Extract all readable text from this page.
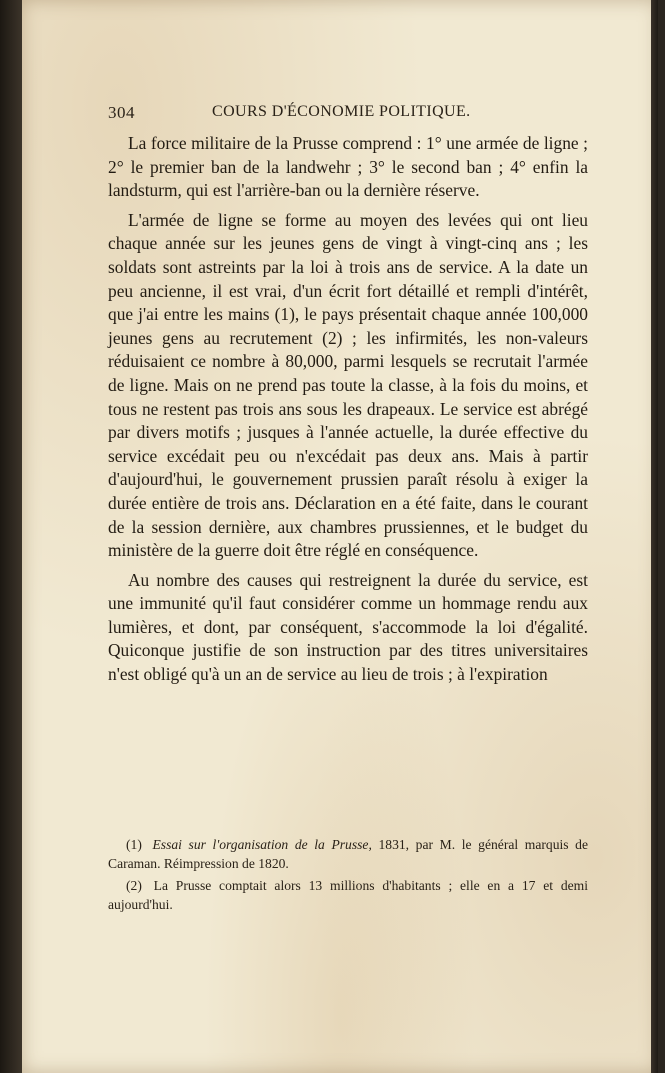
304	COURS D'ÉCONOMIE POLITIQUE.

La force militaire de la Prusse comprend : 1° une armée de ligne ; 2° le premier ban de la landwehr ; 3° le second ban ; 4° enfin la landsturm, qui est l'arrière-ban ou la dernière réserve.

L'armée de ligne se forme au moyen des levées qui ont lieu chaque année sur les jeunes gens de vingt à vingt-cinq ans ; les soldats sont astreints par la loi à trois ans de service. A la date un peu ancienne, il est vrai, d'un écrit fort détaillé et rempli d'intérêt, que j'ai entre les mains (1), le pays présentait chaque année 100,000 jeunes gens au recrutement (2) ; les infirmités, les non-valeurs réduisaient ce nombre à 80,000, parmi lesquels se recrutait l'armée de ligne. Mais on ne prend pas toute la classe, à la fois du moins, et tous ne restent pas trois ans sous les drapeaux. Le service est abrégé par divers motifs ; jusques à l'année actuelle, la durée effective du service excédait peu ou n'excédait pas deux ans. Mais à partir d'aujourd'hui, le gouvernement prussien paraît résolu à exiger la durée entière de trois ans. Déclaration en a été faite, dans le courant de la session dernière, aux chambres prussiennes, et le budget du ministère de la guerre doit être réglé en conséquence.

Au nombre des causes qui restreignent la durée du service, est une immunité qu'il faut considérer comme un hommage rendu aux lumières, et dont, par conséquent, s'accommode la loi d'égalité. Quiconque justifie de son instruction par des titres universitaires n'est obligé qu'à un an de service au lieu de trois ; à l'expiration

(1) Essai sur l'organisation de la Prusse, 1831, par M. le général marquis de Caraman. Réimpression de 1820.

(2) La Prusse comptait alors 13 millions d'habitants ; elle en a 17 et demi aujourd'hui.
